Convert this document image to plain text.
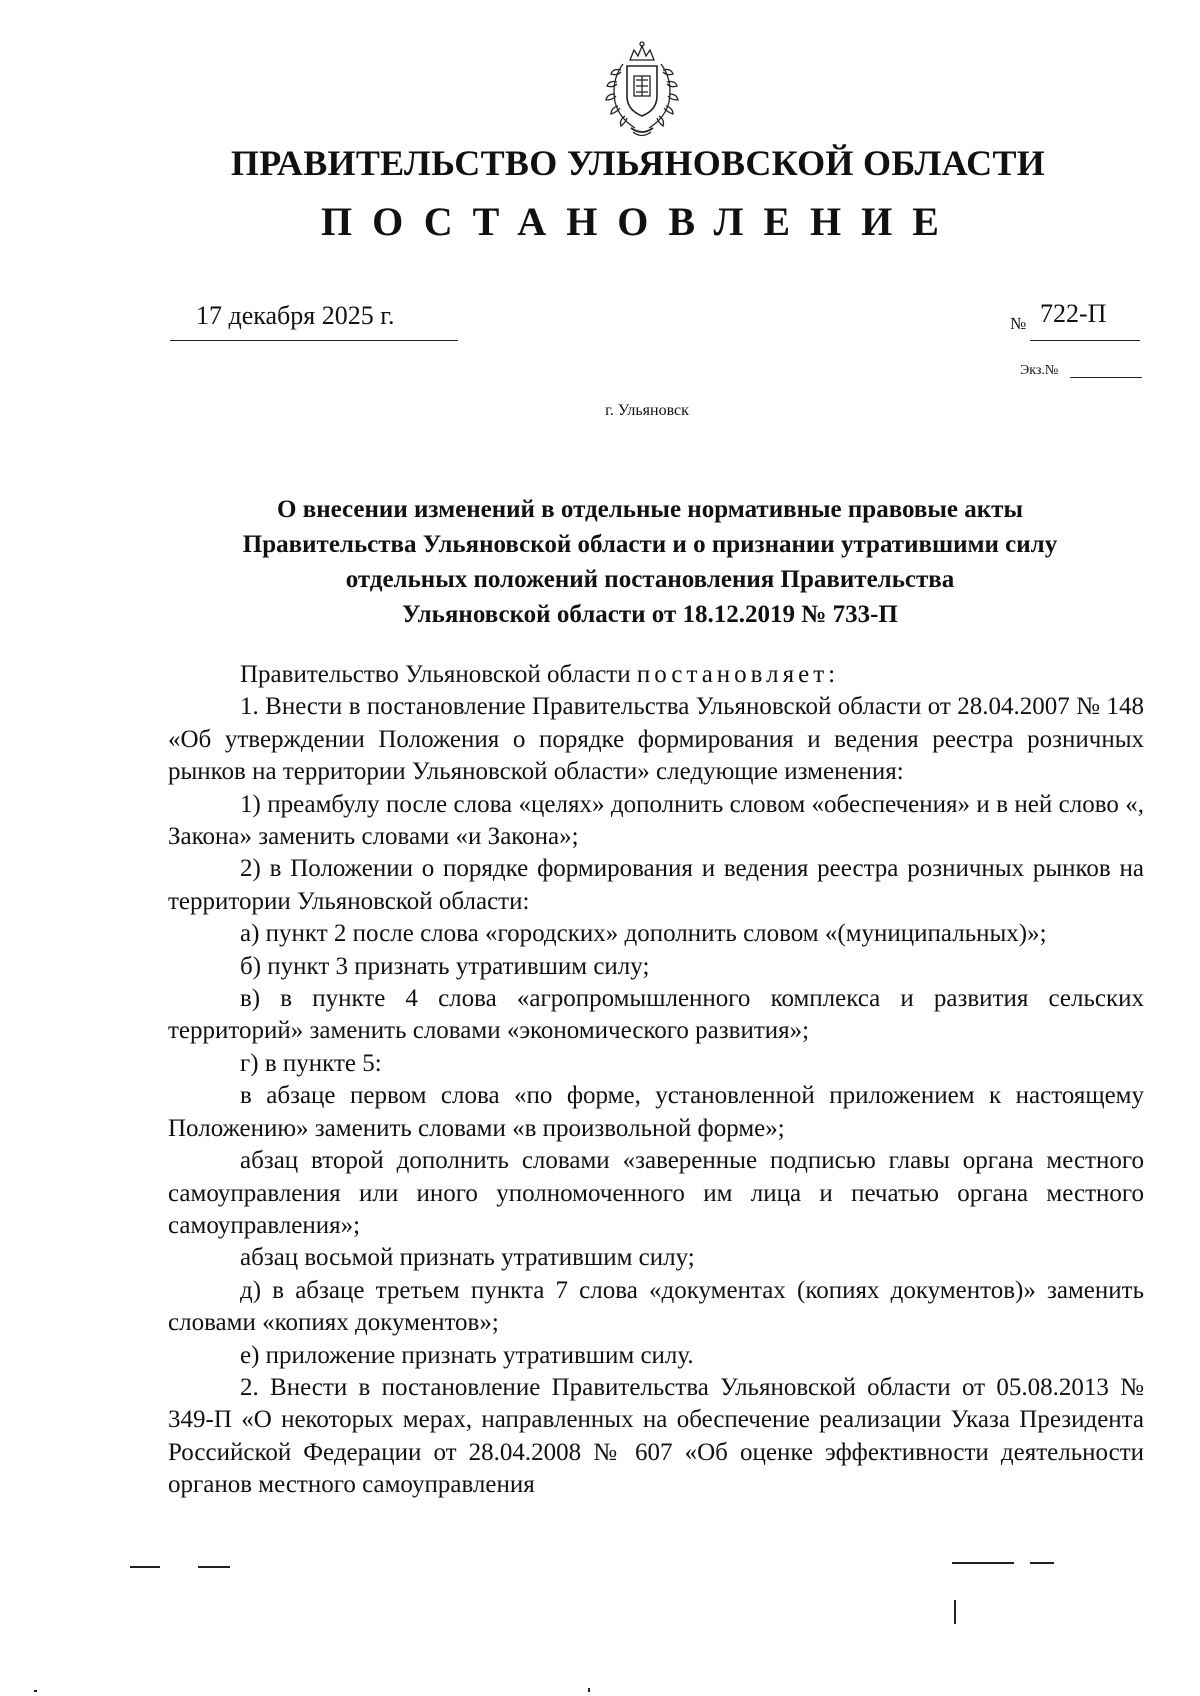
ПРАВИТЕЛЬСТВО УЛЬЯНОВСКОЙ ОБЛАСТИ
ПОСТАНОВЛЕНИЕ
17 декабря 2025 г.	№ 722-П
Экз.№
г. Ульяновск
О внесении изменений в отдельные нормативные правовые акты
Правительства Ульяновской области и о признании утратившими силу
отдельных положений постановления Правительства
Ульяновской области от 18.12.2019 № 733-П

Правительство Ульяновской области постановляет:

1. Внести в постановление Правительства Ульяновской области от 28.04.2007 № 148 «Об утверждении Положения о порядке формирования и ведения реестра розничных рынков на территории Ульяновской области» следующие изменения:

1) преамбулу после слова «целях» дополнить словом «обеспечения» и в ней слово «, Закона» заменить словами «и Закона»;

2) в Положении о порядке формирования и ведения реестра розничных рынков на территории Ульяновской области:

а) пункт 2 после слова «городских» дополнить словом «(муниципальных)»;

б) пункт 3 признать утратившим силу;

в) в пункте 4 слова «агропромышленного комплекса и развития сельских территорий» заменить словами «экономического развития»;

г) в пункте 5:

в абзаце первом слова «по форме, установленной приложением к настоящему Положению» заменить словами «в произвольной форме»;

абзац второй дополнить словами «заверенные подписью главы органа местного самоуправления или иного уполномоченного им лица и печатью органа местного самоуправления»;

абзац восьмой признать утратившим силу;

д) в абзаце третьем пункта 7 слова «документах (копиях документов)» заменить словами «копиях документов»;

е) приложение признать утратившим силу.

2. Внести в постановление Правительства Ульяновской области от 05.08.2013 № 349-П «О некоторых мерах, направленных на обеспечение реализации Указа Президента Российской Федерации от 28.04.2008 № 607 «Об оценке эффективности деятельности органов местного самоуправления
